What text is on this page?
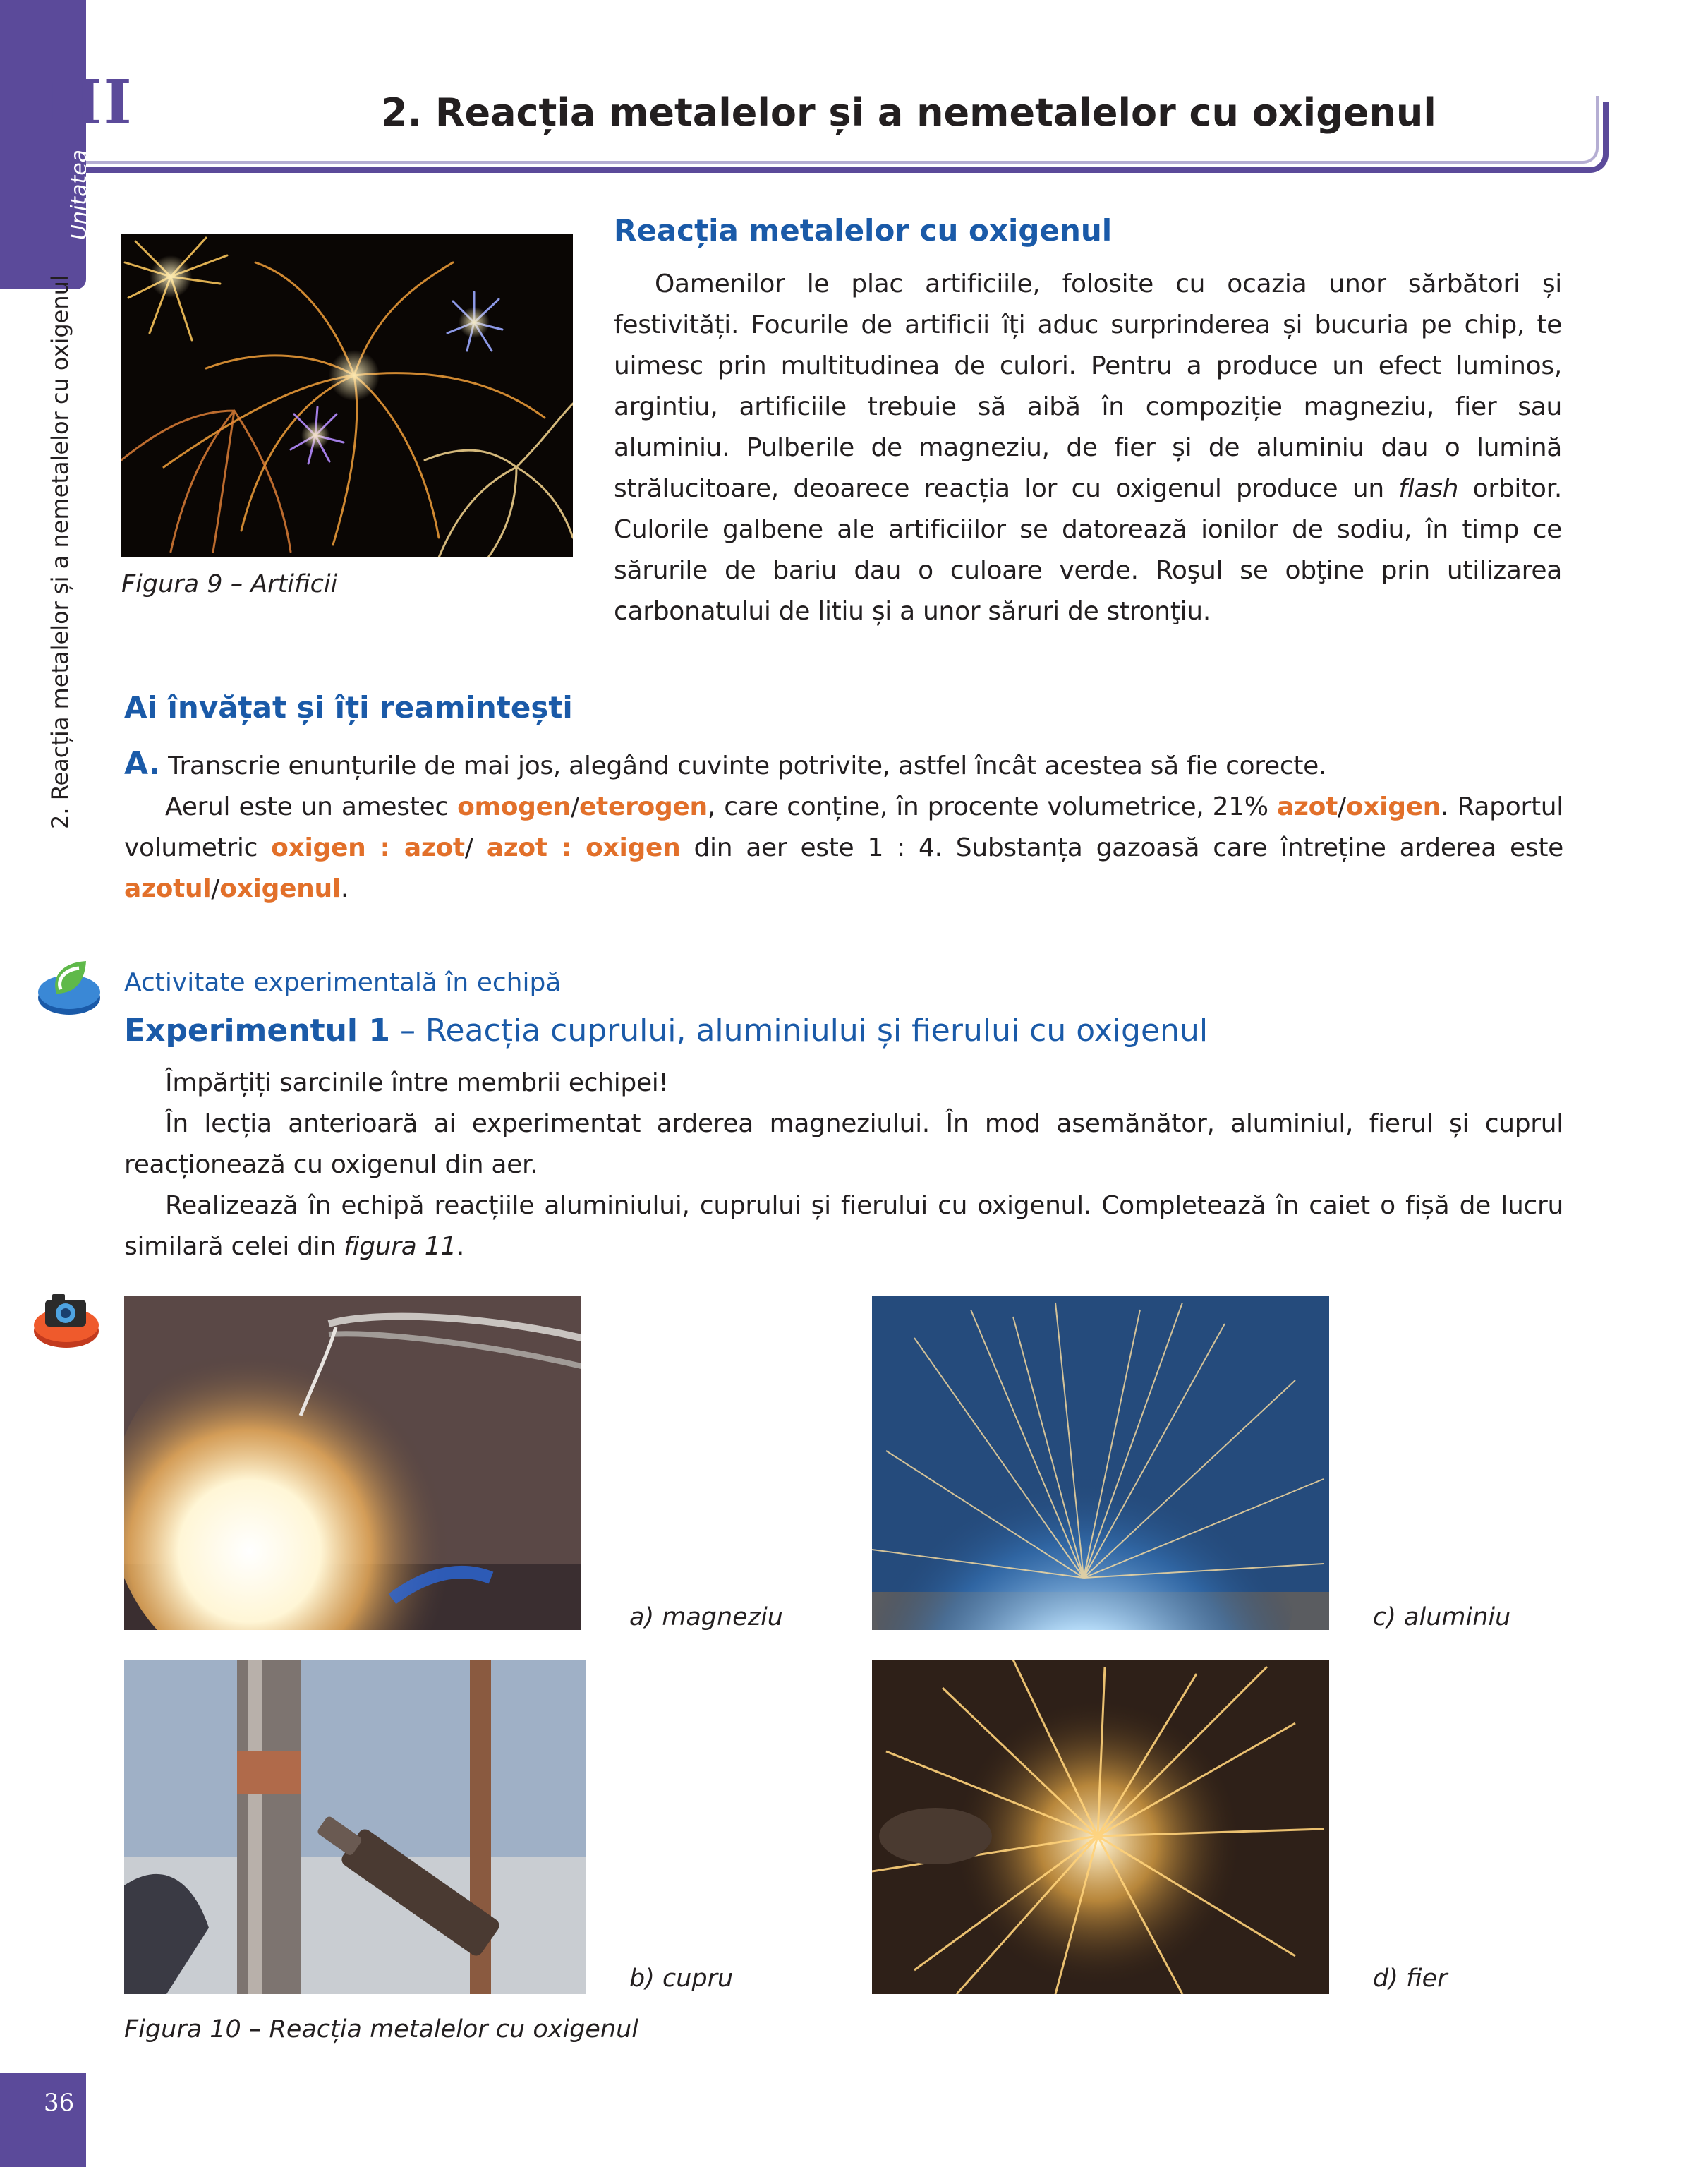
Unitatea
III
2. Reacția metalelor și a nemetalelor cu oxigenul
36
2. Reacția metalelor și a nemetalelor cu oxigenul
Figura 9 – Artificii
Reacția metalelor cu oxigenul
Oamenilor le plac artificiile, folosite cu ocazia unor sărbători și festivități. Focurile de artificii îți aduc surprinderea și bucuria pe chip, te uimesc prin multitudinea de culori. Pentru a produce un efect luminos, argintiu, artificiile trebuie să aibă în compoziție magneziu, fier sau aluminiu. Pulberile de magneziu, de fier și de aluminiu dau o lumină strălucitoare, deoarece reacția lor cu oxigenul produce un flash orbitor. Culorile galbene ale artificiilor se datorează ionilor de sodiu, în timp ce sărurile de bariu dau o culoare verde. Roşul se obţine prin utilizarea carbonatului de litiu și a unor săruri de stronţiu.
Ai învățat și îți reamintești
A. Transcrie enunțurile de mai jos, alegând cuvinte potrivite, astfel încât acestea să fie corecte.
Aerul este un amestec omogen/eterogen, care conține, în procente volumetrice, 21% azot/oxigen. Raportul volumetric oxigen : azot/ azot : oxigen din aer este 1 : 4. Substanța gazoasă care întreține arderea este azotul/oxigenul.
Activitate experimentală în echipă
Experimentul 1 – Reacția cuprului, aluminiului și fierului cu oxigenul
Împărțiți sarcinile între membrii echipei!
În lecția anterioară ai experimentat arderea magneziului. În mod asemănător, aluminiul, fierul și cuprul reacționează cu oxigenul din aer.
Realizează în echipă reacțiile aluminiului, cuprului și fierului cu oxigenul. Completează în caiet o fișă de lucru similară celei din figura 11.
a) magneziu	c) aluminiu
b) cupru	d) fier
Figura 10 – Reacția metalelor cu oxigenul
